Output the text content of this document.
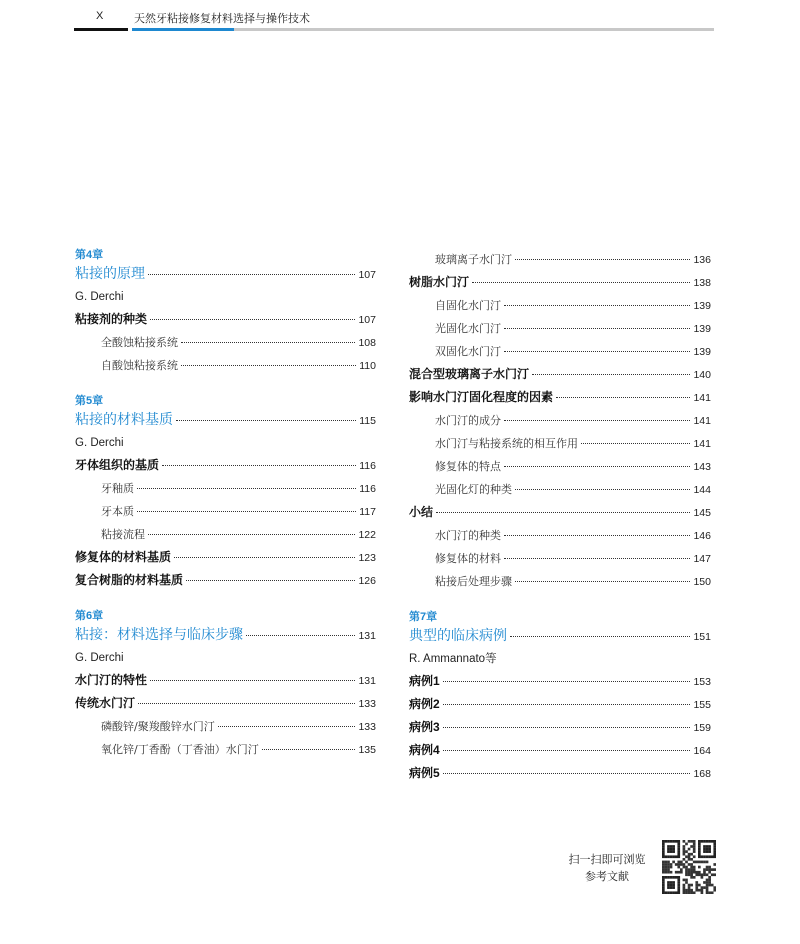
X	天然牙粘接修复材料选择与操作技术
第4章
粘接的原理	107
G. Derchi
粘接剂的种类	107
全酸蚀粘接系统	108
自酸蚀粘接系统	110
第5章
粘接的材料基质	115
G. Derchi
牙体组织的基质	116
牙釉质	116
牙本质	117
粘接流程	122
修复体的材料基质	123
复合树脂的材料基质	126
第6章
粘接：材料选择与临床步骤	131
G. Derchi
水门汀的特性	131
传统水门汀	133
磷酸锌/聚羧酸锌水门汀	133
氧化锌/丁香酚（丁香油）水门汀	135
玻璃离子水门汀	136
树脂水门汀	138
自固化水门汀	139
光固化水门汀	139
双固化水门汀	139
混合型玻璃离子水门汀	140
影响水门汀固化程度的因素	141
水门汀的成分	141
水门汀与粘接系统的相互作用	141
修复体的特点	143
光固化灯的种类	144
小结	145
水门汀的种类	146
修复体的材料	147
粘接后处理步骤	150
第7章
典型的临床病例	151
R. Ammannato等
病例1	153
病例2	155
病例3	159
病例4	164
病例5	168
扫一扫即可浏览
参考文献
